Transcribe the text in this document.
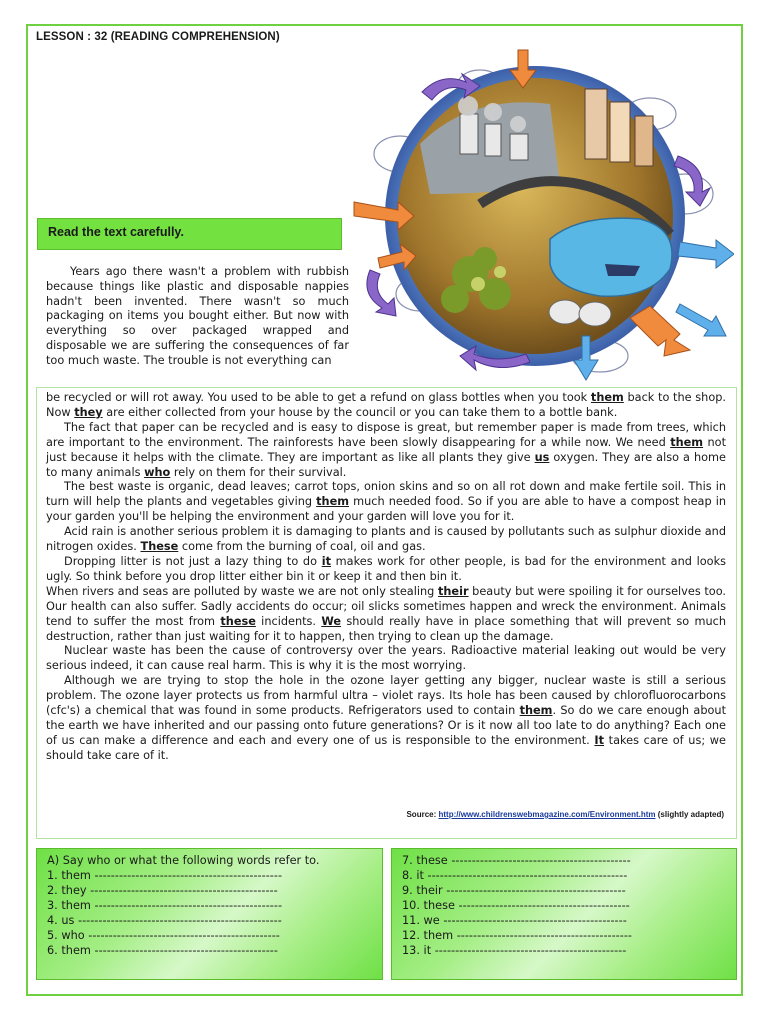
LESSON : 32 (READING COMPREHENSION)
Read the text carefully.

Years ago there wasn't a problem with rubbish because things like plastic and disposable nappies hadn't been invented. There wasn't so much packaging on items you bought either. But now with everything so over packaged wrapped and disposable we are suffering the consequences of far too much waste. The trouble is not everything can

be recycled or will rot away. You used to be able to get a refund on glass bottles when you took them back to the shop. Now they are either collected from your house by the council or you can take them to a bottle bank.

The fact that paper can be recycled and is easy to dispose is great, but remember paper is made from trees, which are important to the environment. The rainforests have been slowly disappearing for a while now. We need them not just because it helps with the climate. They are important as like all plants they give us oxygen. They are also a home to many animals who rely on them for their survival.

The best waste is organic, dead leaves; carrot tops, onion skins and so on all rot down and make fertile soil. This in turn will help the plants and vegetables giving them much needed food. So if you are able to have a compost heap in your garden you'll be helping the environment and your garden will love you for it.

Acid rain is another serious problem it is damaging to plants and is caused by pollutants such as sulphur dioxide and nitrogen oxides. These come from the burning of coal, oil and gas.

Dropping litter is not just a lazy thing to do it makes work for other people, is bad for the environment and looks ugly. So think before you drop litter either bin it or keep it and then bin it.

When rivers and seas are polluted by waste we are not only stealing their beauty but were spoiling it for ourselves too. Our health can also suffer. Sadly accidents do occur; oil slicks sometimes happen and wreck the environment. Animals tend to suffer the most from these incidents. We should really have in place something that will prevent so much destruction, rather than just waiting for it to happen, then trying to clean up the damage.

Nuclear waste has been the cause of controversy over the years. Radioactive material leaking out would be very serious indeed, it can cause real harm. This is why it is the most worrying.

Although we are trying to stop the hole in the ozone layer getting any bigger, nuclear waste is still a serious problem. The ozone layer protects us from harmful ultra – violet rays. Its hole has been caused by chlorofluorocarbons (cfc's) a chemical that was found in some products. Refrigerators used to contain them. So do we care enough about the earth we have inherited and our passing onto future generations? Or is it now all too late to do anything? Each one of us can make a difference and each and every one of us is responsible to the environment. It takes care of us; we should take care of it.

Source: http://www.childrenswebmagazine.com/Environment.htm (slightly adapted)
A) Say who or what the following words refer to.
1. them ----------------------------------------------
2. they ----------------------------------------------
3. them ----------------------------------------------
4. us --------------------------------------------------
5. who -----------------------------------------------
6. them ---------------------------------------------
7. these --------------------------------------------
8. it -------------------------------------------------
9. their --------------------------------------------
10. these ------------------------------------------
11. we ---------------------------------------------
12. them -------------------------------------------
13. it -----------------------------------------------
